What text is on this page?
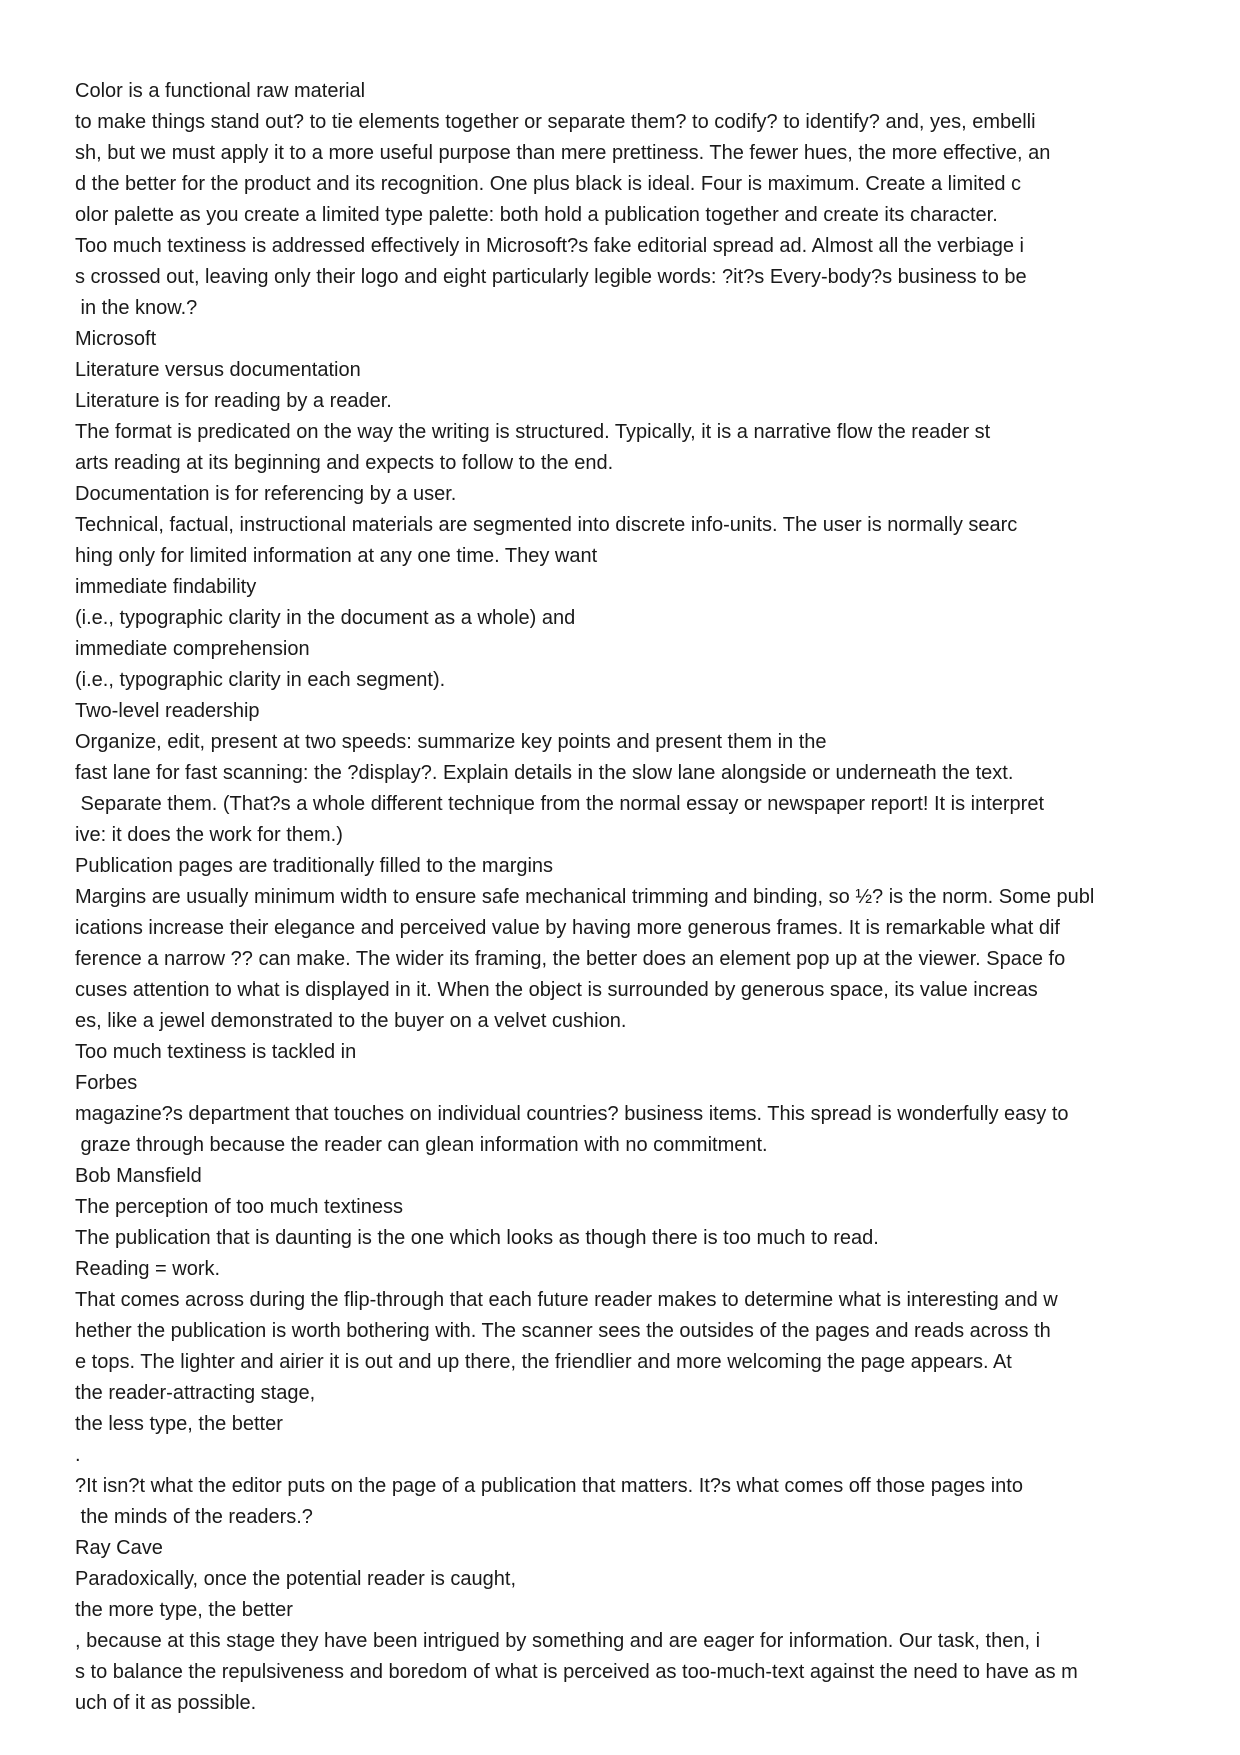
Color is a functional raw material
to make things stand out? to tie elements together or separate them? to codify? to identify? and, yes, embelli
sh, but we must apply it to a more useful purpose than mere prettiness. The fewer hues, the more effective, an
d the better for the product and its recognition. One plus black is ideal. Four is maximum. Create a limited c
olor palette as you create a limited type palette: both hold a publication together and create its character.
Too much textiness is addressed effectively in Microsoft?s fake editorial spread ad. Almost all the verbiage i
s crossed out, leaving only their logo and eight particularly legible words: ?it?s Every-body?s business to be
in the know.?
Microsoft
Literature versus documentation
Literature is for reading by a reader.
The format is predicated on the way the writing is structured. Typically, it is a narrative flow the reader st
arts reading at its beginning and expects to follow to the end.
Documentation is for referencing by a user.
Technical, factual, instructional materials are segmented into discrete info-units. The user is normally searc
hing only for limited information at any one time. They want
immediate findability
(i.e., typographic clarity in the document as a whole) and
immediate comprehension
(i.e., typographic clarity in each segment).
Two-level readership
Organize, edit, present at two speeds: summarize key points and present them in the
fast lane for fast scanning: the ?display?. Explain details in the slow lane alongside or underneath the text.
Separate them. (That?s a whole different technique from the normal essay or newspaper report! It is interpret
ive: it does the work for them.)
Publication pages are traditionally filled to the margins
Margins are usually minimum width to ensure safe mechanical trimming and binding, so ½? is the norm. Some publ
ications increase their elegance and perceived value by having more generous frames. It is remarkable what dif
ference a narrow ?? can make. The wider its framing, the better does an element pop up at the viewer. Space fo
cuses attention to what is displayed in it. When the object is surrounded by generous space, its value increas
es, like a jewel demonstrated to the buyer on a velvet cushion.
Too much textiness is tackled in
Forbes
magazine?s department that touches on individual countries? business items. This spread is wonderfully easy to
graze through because the reader can glean information with no commitment.
Bob Mansfield
The perception of too much textiness
The publication that is daunting is the one which looks as though there is too much to read.
Reading = work.
That comes across during the flip-through that each future reader makes to determine what is interesting and w
hether the publication is worth bothering with. The scanner sees the outsides of the pages and reads across th
e tops. The lighter and airier it is out and up there, the friendlier and more welcoming the page appears. At
the reader-attracting stage,
the less type, the better
.
?It isn?t what the editor puts on the page of a publication that matters. It?s what comes off those pages into
the minds of the readers.?
Ray Cave
Paradoxically, once the potential reader is caught,
the more type, the better
, because at this stage they have been intrigued by something and are eager for information. Our task, then, i
s to balance the repulsiveness and boredom of what is perceived as too-much-text against the need to have as m
uch of it as possible.
